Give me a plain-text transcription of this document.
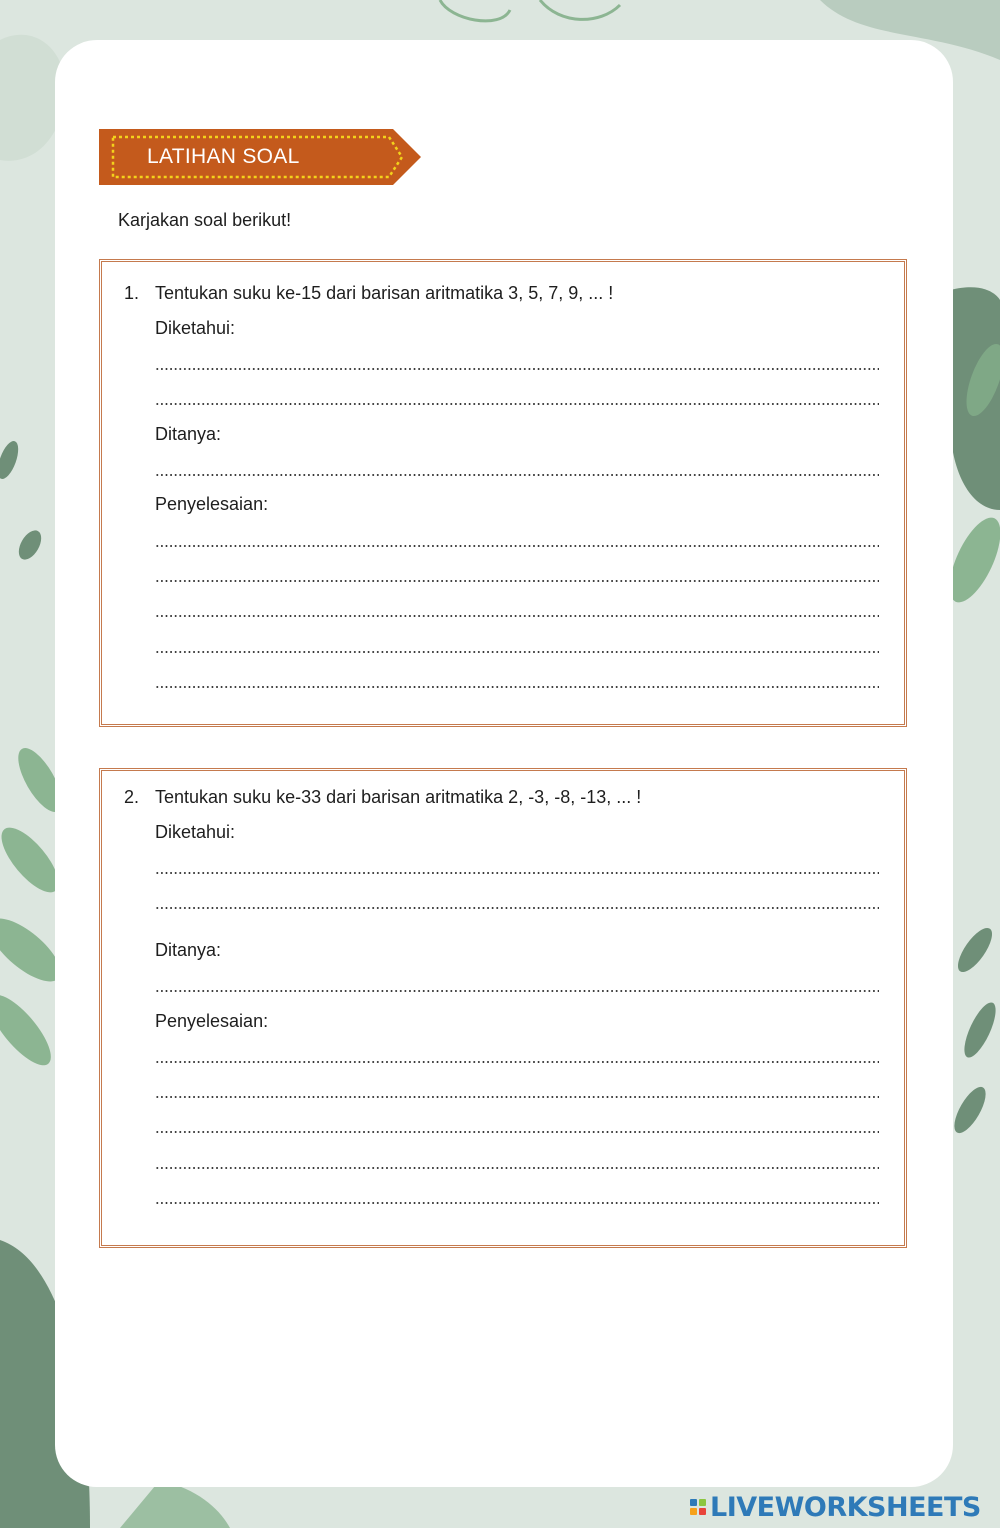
LATIHAN SOAL
Karjakan soal berikut!
1. Tentukan suku ke-15 dari barisan aritmatika 3, 5, 7, 9, ... !
Diketahui:
Ditanya:
Penyelesaian:
2. Tentukan suku ke-33 dari barisan aritmatika 2, -3, -8, -13, ... !
Diketahui:
Ditanya:
Penyelesaian:
LIVEWORKSHEETS
